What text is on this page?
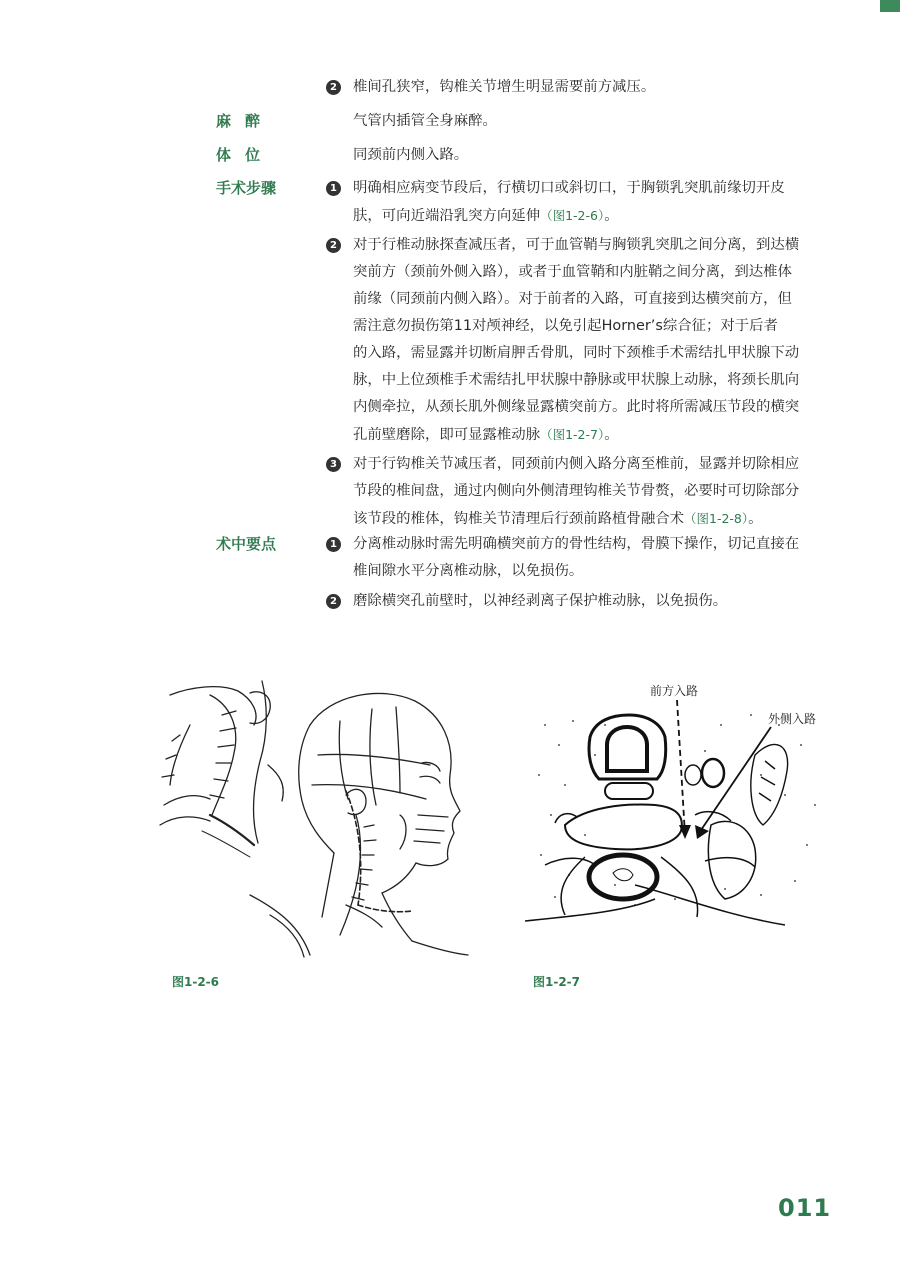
2 椎间孔狭窄，钩椎关节增生明显需要前方减压。
麻醉	气管内插管全身麻醉。
体位	同颈前内侧入路。
手术步骤	1 明确相应病变节段后，行横切口或斜切口，于胸锁乳突肌前缘切开皮
肤，可向近端沿乳突方向延伸（图1-2-6）。
2 对于行椎动脉探查减压者，可于血管鞘与胸锁乳突肌之间分离，到达横
突前方（颈前外侧入路），或者于血管鞘和内脏鞘之间分离，到达椎体
前缘（同颈前内侧入路）。对于前者的入路，可直接到达横突前方，但
需注意勿损伤第11对颅神经，以免引起Horner’s综合征；对于后者
的入路，需显露并切断肩胛舌骨肌，同时下颈椎手术需结扎甲状腺下动
脉，中上位颈椎手术需结扎甲状腺中静脉或甲状腺上动脉，将颈长肌向
内侧牵拉，从颈长肌外侧缘显露横突前方。此时将所需减压节段的横突
孔前壁磨除，即可显露椎动脉（图1-2-7）。
3 对于行钩椎关节减压者，同颈前内侧入路分离至椎前，显露并切除相应
节段的椎间盘，通过内侧向外侧清理钩椎关节骨赘，必要时可切除部分
该节段的椎体，钩椎关节清理后行颈前路植骨融合术（图1-2-8）。
术中要点	1 分离椎动脉时需先明确横突前方的骨性结构，骨膜下操作，切记直接在
椎间隙水平分离椎动脉，以免损伤。
2 磨除横突孔前壁时，以神经剥离子保护椎动脉，以免损伤。
图1-2-6
前方入路
外侧入路
图1-2-7
011
